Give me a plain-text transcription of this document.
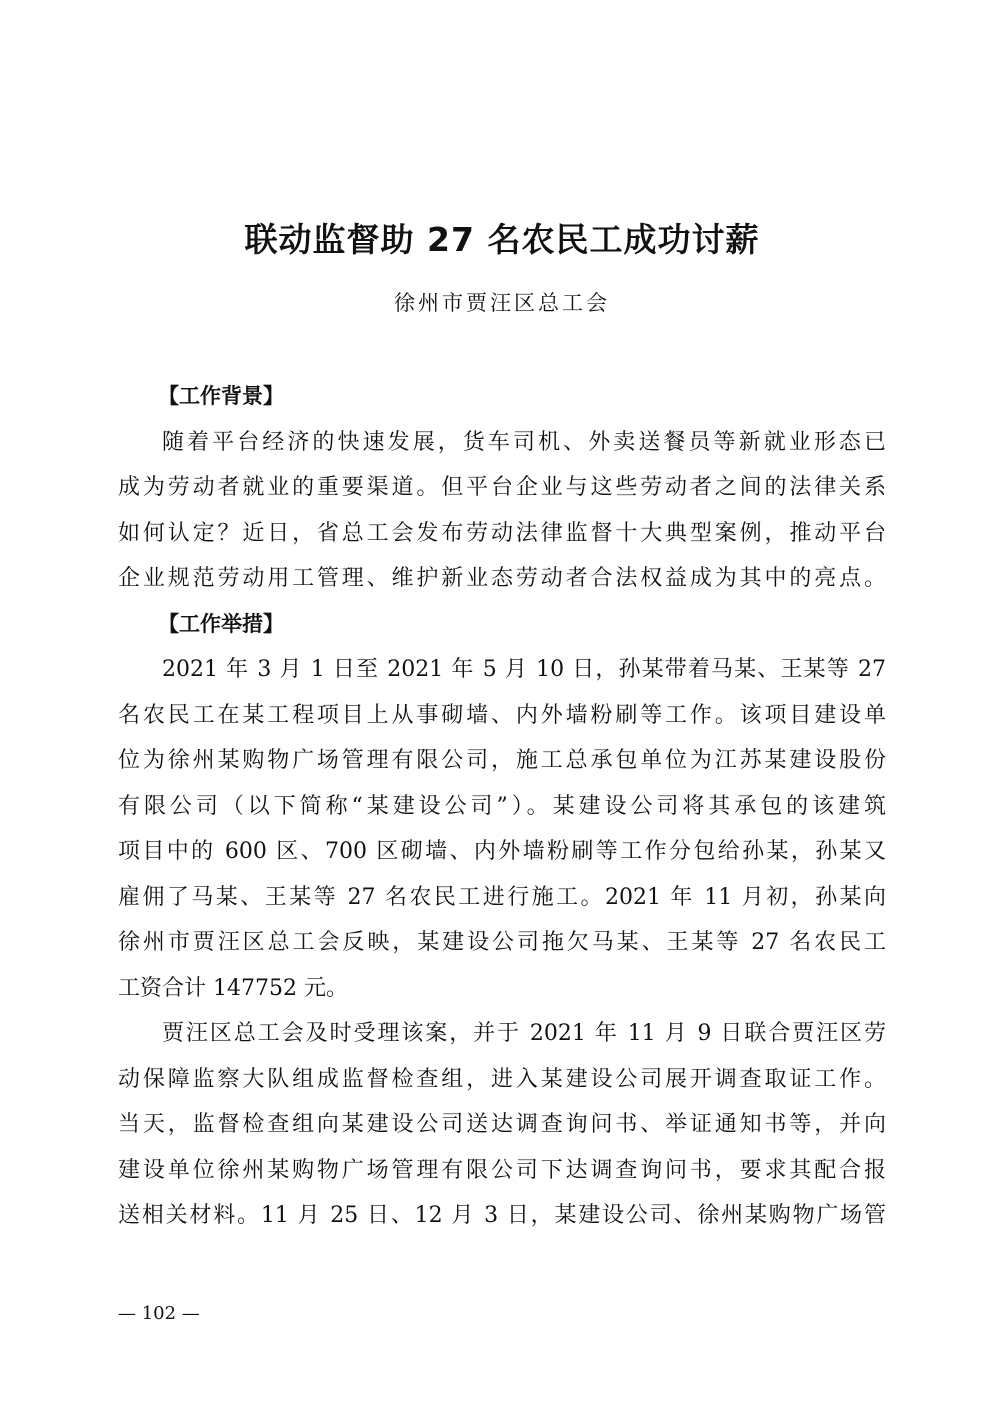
联动监督助 27 名农民工成功讨薪
徐州市贾汪区总工会
【工作背景】
随着平台经济的快速发展，货车司机、外卖送餐员等新就业形态已
成为劳动者就业的重要渠道。但平台企业与这些劳动者之间的法律关系
如何认定？近日，省总工会发布劳动法律监督十大典型案例，推动平台
企业规范劳动用工管理、维护新业态劳动者合法权益成为其中的亮点。
【工作举措】
2021 年 3 月 1 日至 2021 年 5 月 10 日，孙某带着马某、王某等 27
名农民工在某工程项目上从事砌墙、内外墙粉刷等工作。该项目建设单
位为徐州某购物广场管理有限公司，施工总承包单位为江苏某建设股份
有限公司（以下简称“某建设公司”）。某建设公司将其承包的该建筑
项目中的 600 区、700 区砌墙、内外墙粉刷等工作分包给孙某，孙某又
雇佣了马某、王某等 27 名农民工进行施工。2021 年 11 月初，孙某向
徐州市贾汪区总工会反映，某建设公司拖欠马某、王某等 27 名农民工
工资合计 147752 元。
贾汪区总工会及时受理该案，并于 2021 年 11 月 9 日联合贾汪区劳
动保障监察大队组成监督检查组，进入某建设公司展开调查取证工作。
当天，监督检查组向某建设公司送达调查询问书、举证通知书等，并向
建设单位徐州某购物广场管理有限公司下达调查询问书，要求其配合报
送相关材料。11 月 25 日、12 月 3 日，某建设公司、徐州某购物广场管
— 102 —
